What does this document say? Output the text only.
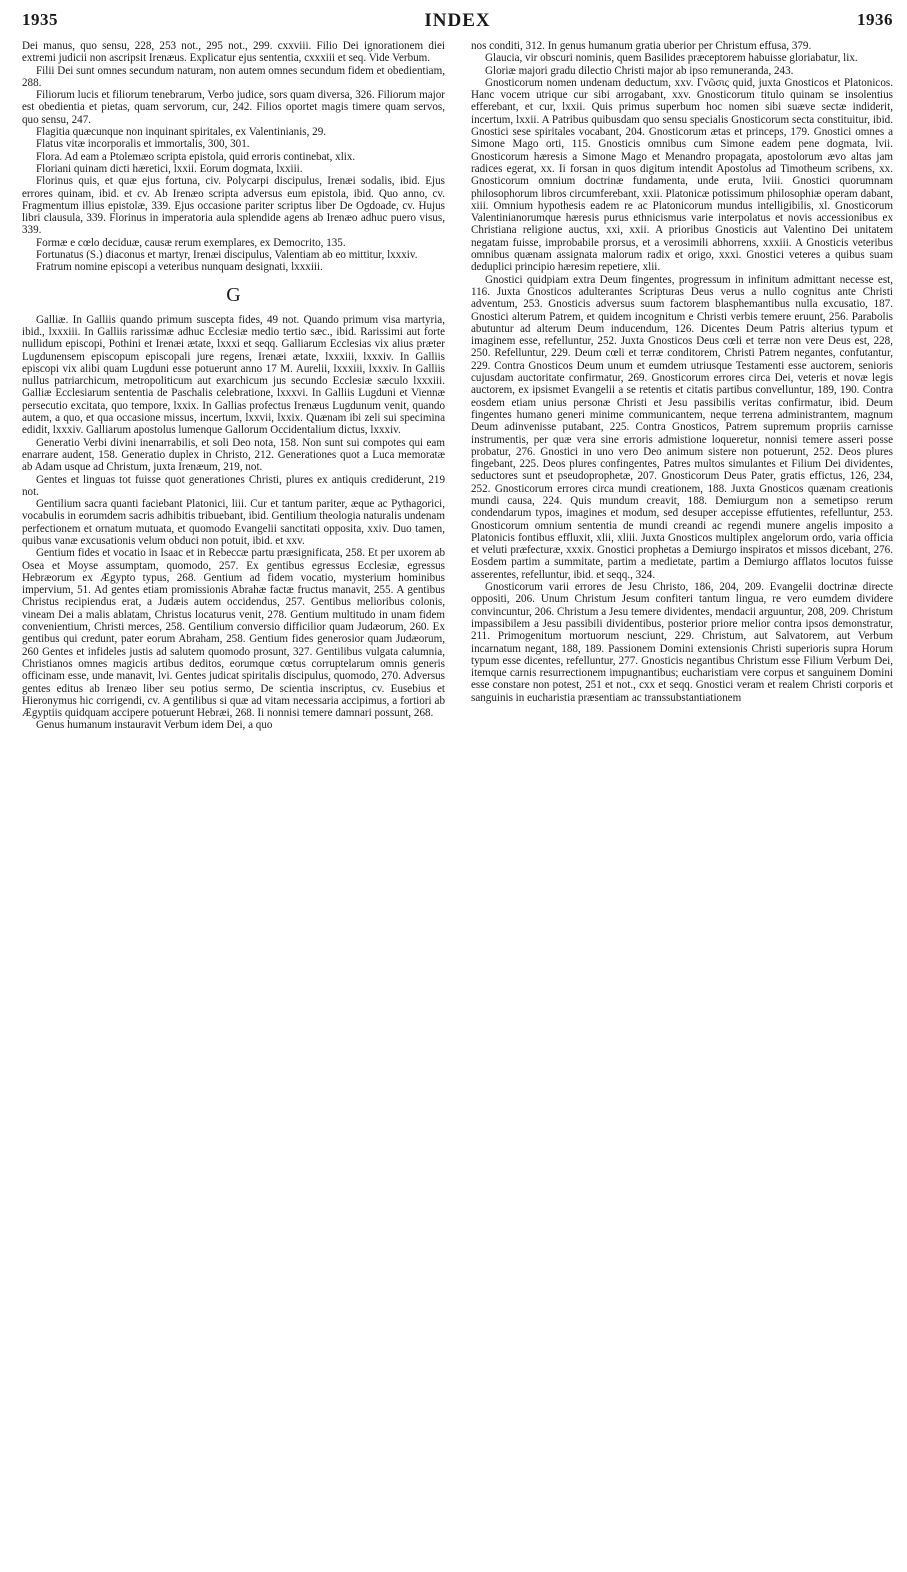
1935	INDEX	1936

Dei manus, quo sensu, 228, 253 not., 295 not., 299. cxxviii. Filio Dei ignorationem diei extremi judicii non ascripsit Irenæus. Explicatur ejus sententia, cxxxiii et seq. Vide Verbum.

Filii Dei sunt omnes secundum naturam, non autem omnes secundum fidem et obedientiam, 288.

Filiorum lucis et filiorum tenebrarum, Verbo judice, sors quam diversa, 326. Filiorum major est obedientia et pietas, quam servorum, cur, 242. Filios oportet magis timere quam servos, quo sensu, 247.

Flagitia quæcunque non inquinant spiritales, ex Valentinianis, 29.

Flatus vitæ incorporalis et immortalis, 300, 301.

Flora. Ad eam a Ptolemæo scripta epistola, quid erroris continebat, xlix.

Floriani quinam dicti hæretici, lxxii. Eorum dogmata, lxxiii.

Florinus quis, et quæ ejus fortuna, civ. Polycarpi discipulus, Irenæi sodalis, ibid. Ejus errores quinam, ibid. et cv. Ab Irenæo scripta adversus eum epistola, ibid. Quo anno, cv. Fragmentum illius epistolæ, 339. Ejus occasione pariter scriptus liber De Ogdoade, cv. Hujus libri clausula, 339. Florinus in imperatoria aula splendide agens ab Irenæo adhuc puero visus, 339.

Formæ e cœlo deciduæ, causæ rerum exemplares, ex Democrito, 135.

Fortunatus (S.) diaconus et martyr, Irenæi discipulus, Valentiam ab eo mittitur, lxxxiv.

Fratrum nomine episcopi a veteribus nunquam designati, lxxxiii.

G

Galliæ. In Galliis quando primum suscepta fides, 49 not. Quando primum visa martyria, ibid., lxxxiii. In Galliis rarissimæ adhuc Ecclesiæ medio tertio sæc., ibid. Rarissimi aut forte nullidum episcopi, Pothini et Irenæi ætate, lxxxi et seqq. Galliarum Ecclesias vix alius præter Lugdunensem episcopum episcopali jure regens, Irenæi ætate, lxxxiii, lxxxiv. In Galliis episcopi vix alibi quam Lugduni esse potuerunt anno 17 M. Aurelii, lxxxiii, lxxxiv. In Galliis nullus patriarchicum, metropoliticum aut exarchicum jus secundo Ecclesiæ sæculo lxxxiii. Galliæ Ecclesiarum sententia de Paschalis celebratione, lxxxvi. In Galliis Lugduni et Viennæ persecutio excitata, quo tempore, lxxix. In Gallias profectus Irenæus Lugdunum venit, quando autem, a quo, et qua occasione missus, incertum, lxxvii, lxxix. Quænam ibi zeli sui specimina edidit, lxxxiv. Galliarum apostolus lumenque Gallorum Occidentalium dictus, lxxxiv.

Generatio Verbi divini inenarrabilis, et soli Deo nota, 158. Non sunt sui compotes qui eam enarrare audent, 158. Generatio duplex in Christo, 212. Generationes quot a Luca memoratæ ab Adam usque ad Christum, juxta Irenæum, 219, not.

Gentes et linguas tot fuisse quot generationes Christi, plures ex antiquis crediderunt, 219 not.

Gentilium sacra quanti faciebant Platonici, liii. Cur et tantum pariter, æque ac Pythagorici, vocabulis in eorumdem sacris adhibitis tribuebant, ibid. Gentilium theologia naturalis undenam perfectionem et ornatum mutuata, et quomodo Evangelii sanctitati opposita, xxiv. Duo tamen, quibus vanæ excusationis velum obduci non potuit, ibid. et xxv.

Gentium fides et vocatio in Isaac et in Rebeccæ partu præsignificata, 258. Et per uxorem ab Osea et Moyse assumptam, quomodo, 257. Ex gentibus egressus Ecclesiæ, egressus Hebræorum ex Ægypto typus, 268. Gentium ad fidem vocatio, mysterium hominibus impervium, 51. Ad gentes etiam promissionis Abrahæ factæ fructus manavit, 255. A gentibus Christus recipiendus erat, a Judæis autem occidendus, 257. Gentibus melioribus colonis, vineam Dei a malis ablatam, Christus locaturus venit, 278. Gentium multitudo in unam fidem convenientium, Christi merces, 258. Gentilium conversio difficilior quam Judæorum, 260. Ex gentibus qui credunt, pater eorum Abraham, 258. Gentium fides generosior quam Judæorum, 260 Gentes et infideles justis ad salutem quomodo prosunt, 327. Gentilibus vulgata calumnia, Christianos omnes magicis artibus deditos, eorumque cœtus corruptelarum omnis generis officinam esse, unde manavit, lvi. Gentes judicat spiritalis discipulus, quomodo, 270. Adversus gentes editus ab Irenæo liber seu potius sermo, De scientia inscriptus, cv. Eusebius et Hieronymus hic corrigendi, cv. A gentilibus si quæ ad vitam necessaria accipimus, a fortiori ab Ægyptiis quidquam accipere potuerunt Hebræi, 268. Ii nonnisi temere damnari possunt, 268.

Genus humanum instauravit Verbum idem Dei, a quo

nos conditi, 312. In genus humanum gratia uberior per Christum effusa, 379.

Glaucia, vir obscuri nominis, quem Basilides præceptorem habuisse gloriabatur, lix.

Gloriæ majori gradu dilectio Christi major ab ipso remuneranda, 243.

Gnosticorum nomen undenam deductum, xxv. Γνῶσις quid, juxta Gnosticos et Platonicos. Hanc vocem utrique cur sibi arrogabant, xxv. Gnosticorum titulo quinam se insolentius efferebant, et cur, lxxii. Quis primus superbum hoc nomen sibi suæve sectæ indiderit, incertum, lxxii. A Patribus quibusdam quo sensu specialis Gnosticorum secta constituitur, ibid. Gnostici sese spiritales vocabant, 204. Gnosticorum ætas et princeps, 179. Gnostici omnes a Simone Mago orti, 115. Gnosticis omnibus cum Simone eadem pene dogmata, lvii. Gnosticorum hæresis a Simone Mago et Menandro propagata, apostolorum ævo altas jam radices egerat, xx. Ii forsan in quos digitum intendit Apostolus ad Timotheum scribens, xx. Gnosticorum omnium doctrinæ fundamenta, unde eruta, lviii. Gnostici quorumnam philosophorum libros circumferebant, xxii. Platonicæ potissimum philosophiæ operam dabant, xiii. Omnium hypothesis eadem re ac Platonicorum mundus intelligibilis, xl. Gnosticorum Valentinianorumque hæresis purus ethnicismus varie interpolatus et novis accessionibus ex Christiana religione auctus, xxi, xxii. A prioribus Gnosticis aut Valentino Dei unitatem negatam fuisse, improbabile prorsus, et a verosimili abhorrens, xxxiii. A Gnosticis veteribus omnibus quænam assignata malorum radix et origo, xxxi. Gnostici veteres a quibus suam deduplici principio hæresim repetiere, xlii.

Gnostici quidpiam extra Deum fingentes, progressum in infinitum admittant necesse est, 116. Juxta Gnosticos adulterantes Scripturas Deus verus a nullo cognitus ante Christi adventum, 253. Gnosticis adversus suum factorem blasphemantibus nulla excusatio, 187. Gnostici alterum Patrem, et quidem incognitum e Christi verbis temere eruunt, 256. Parabolis abutuntur ad alterum Deum inducendum, 126. Dicentes Deum Patris alterius typum et imaginem esse, refelluntur, 252. Juxta Gnosticos Deus cœli et terræ non vere Deus est, 228, 250. Refelluntur, 229. Deum cœli et terræ conditorem, Christi Patrem negantes, confutantur, 229. Contra Gnosticos Deum unum et eumdem utriusque Testamenti esse auctorem, senioris cujusdam auctoritate confirmatur, 269. Gnosticorum errores circa Dei, veteris et novæ legis auctorem, ex ipsismet Evangelii a se retentis et citatis partibus convelluntur, 189, 190. Contra eosdem etiam unius personæ Christi et Jesu passibilis veritas confirmatur, ibid. Deum fingentes humano generi minime communicantem, neque terrena administrantem, magnum Deum adinvenisse putabant, 225. Contra Gnosticos, Patrem supremum propriis carnisse instrumentis, per quæ vera sine erroris admistione loqueretur, nonnisi temere asseri posse probatur, 276. Gnostici in uno vero Deo animum sistere non potuerunt, 252. Deos plures fingebant, 225. Deos plures confingentes, Patres multos simulantes et Filium Dei dividentes, seductores sunt et pseudoprophetæ, 207. Gnosticorum Deus Pater, gratis effictus, 126, 234, 252. Gnosticorum errores circa mundi creationem, 188. Juxta Gnosticos quænam creationis mundi causa, 224. Quis mundum creavit, 188. Demiurgum non a semetipso rerum condendarum typos, imagines et modum, sed desuper accepisse effutientes, refelluntur, 253. Gnosticorum omnium sententia de mundi creandi ac regendi munere angelis imposito a Platonicis fontibus effluxit, xlii, xliii. Juxta Gnosticos multiplex angelorum ordo, varia officia et veluti præfecturæ, xxxix. Gnostici prophetas a Demiurgo inspiratos et missos dicebant, 276. Eosdem partim a summitate, partim a medietate, partim a Demiurgo afflatos locutos fuisse asserentes, refelluntur, ibid. et seqq., 324.

Gnosticorum varii errores de Jesu Christo, 186, 204, 209. Evangelii doctrinæ directe oppositi, 206. Unum Christum Jesum confiteri tantum lingua, re vero eumdem dividere convincuntur, 206. Christum a Jesu temere dividentes, mendacii arguuntur, 208, 209. Christum impassibilem a Jesu passibili dividentibus, posterior priore melior contra ipsos demonstratur, 211. Primogenitum mortuorum nesciunt, 229. Christum, aut Salvatorem, aut Verbum incarnatum negant, 188, 189. Passionem Domini extensionis Christi superioris supra Horum typum esse dicentes, refelluntur, 277. Gnosticis negantibus Christum esse Filium Verbum Dei, itemque carnis resurrectionem impugnantibus; eucharistiam vere corpus et sanguinem Domini esse constare non potest, 251 et not., cxx et seqq. Gnostici veram et realem Christi corporis et sanguinis in eucharistia præsentiam ac transsubstantiationem
